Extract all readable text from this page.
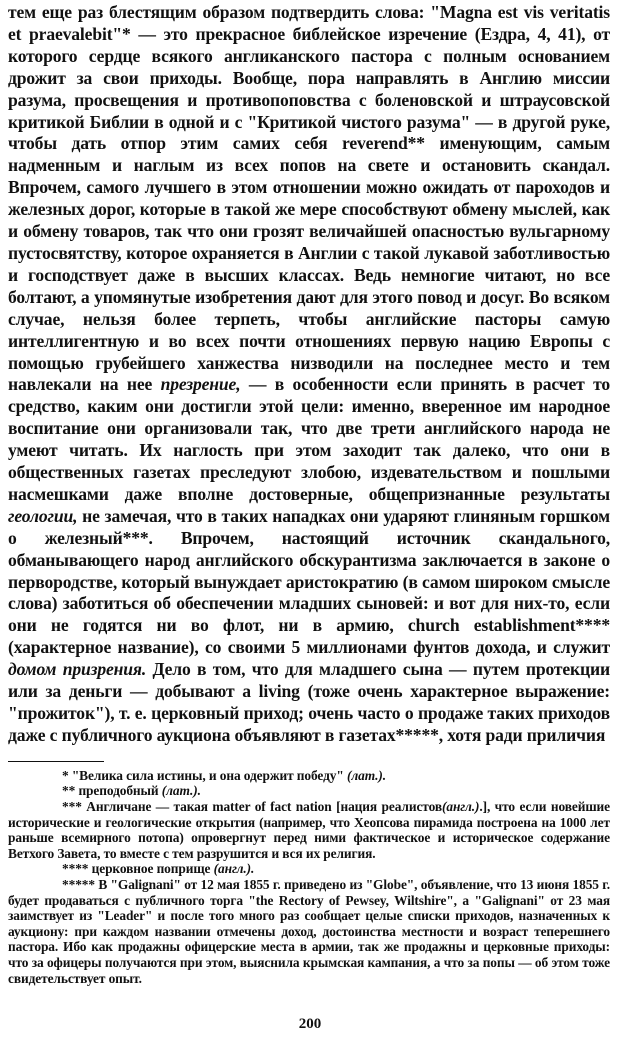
тем еще раз блестящим образом подтвердить слова: "Magna est vis veritatis et praevalebit"* — это прекрасное библейское изречение (Ездра, 4, 41), от которого сердце всякого англиканского пастора с полным основанием дрожит за свои приходы. Вообще, пора направлять в Англию миссии разума, просвещения и противопоповства с боленовской и штраусовской критикой Библии в одной и с "Критикой чистого разума" — в другой руке, чтобы дать отпор этим самих себя reverend** именующим, самым надменным и наглым из всех попов на свете и остановить скандал. Впрочем, самого лучшего в этом отношении можно ожидать от пароходов и железных дорог, которые в такой же мере способствуют обмену мыслей, как и обмену товаров, так что они грозят величайшей опасностью вульгарному пустосвятству, которое охраняется в Англии с такой лукавой заботливостью и господствует даже в высших классах. Ведь немногие читают, но все болтают, а упомянутые изобретения дают для этого повод и досуг. Во всяком случае, нельзя более терпеть, чтобы английские пасторы самую интеллигентную и во всех почти отношениях первую нацию Европы с помощью грубейшего ханжества низводили на последнее место и тем навлекали на нее презрение, — в особенности если принять в расчет то средство, каким они достигли этой цели: именно, вверенное им народное воспитание они организовали так, что две трети английского народа не умеют читать. Их наглость при этом заходит так далеко, что они в общественных газетах преследуют злобою, издевательством и пошлыми насмешками даже вполне достоверные, общепризнанные результаты геологии, не замечая, что в таких нападках они ударяют глиняным горшком о железный***. Впрочем, настоящий источник скандального, обманывающего народ английского обскурантизма заключается в законе о первородстве, который вынуждает аристократию (в самом широком смысле слова) заботиться об обеспечении младших сыновей: и вот для них-то, если они не годятся ни во флот, ни в армию, church establishment**** (характерное название), со своими 5 миллионами фунтов дохода, и служит домом призрения. Дело в том, что для младшего сына — путем протекции или за деньги — добывают a living (тоже очень характерное выражение: "прожиток"), т. е. церковный приход; очень часто о продаже таких приходов даже с публичного аукциона объявляют в газетах*****, хотя ради приличия

* "Велика сила истины, и она одержит победу" (лат.).

** преподобный (лат.).

*** Англичане — такая matter of fact nation [нация реалистов(англ.).], что если новейшие исторические и геологические открытия (например, что Хеопсова пирамида построена на 1000 лет раньше всемирного потопа) опровергнут перед ними фактическое и историческое содержание Ветхого Завета, то вместе с тем разрушится и вся их религия.

**** церковное поприще (англ.).

***** В "Galignani" от 12 мая 1855 г. приведено из "Globe", объявление, что 13 июня 1855 г. будет продаваться с публичного торга "the Rectory of Pewsey, Wiltshire", а "Galignani" от 23 мая заимствует из "Leader" и после того много раз сообщает целые списки приходов, назначенных к аукциону: при каждом названии отмечены доход, достоинства местности и возраст теперешнего пастора. Ибо как продажны офицерские места в армии, так же продажны и церковные приходы: что за офицеры получаются при этом, выяснила крымская кампания, а что за попы — об этом тоже свидетельствует опыт.

200
